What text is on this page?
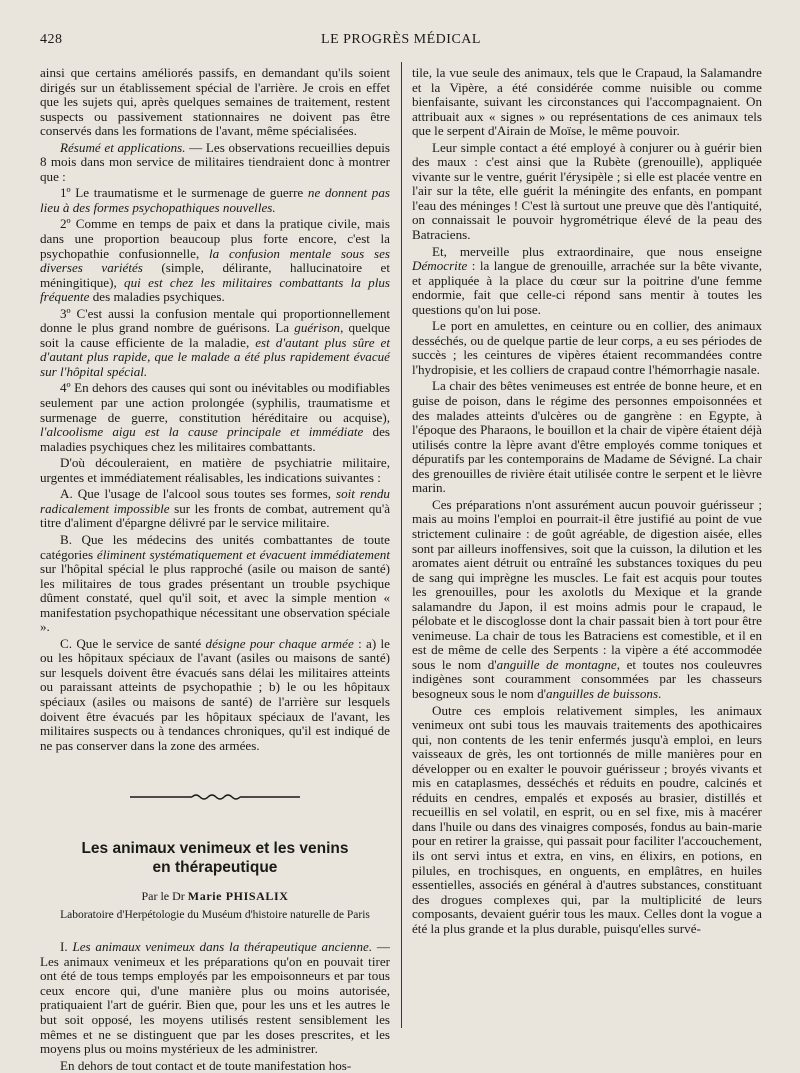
428	LE PROGRÈS MÉDICAL

ainsi que certains améliorés passifs, en demandant qu'ils soient dirigés sur un établissement spécial de l'arrière. Je crois en effet que les sujets qui, après quelques semaines de traitement, restent suspects ou passivement stationnaires ne doivent pas être conservés dans les formations de l'avant, même spécialisées.

Résumé et applications. — Les observations recueillies depuis 8 mois dans mon service de militaires tiendraient donc à montrer que :

1º Le traumatisme et le surmenage de guerre ne donnent pas lieu à des formes psychopathiques nouvelles.

2º Comme en temps de paix et dans la pratique civile, mais dans une proportion beaucoup plus forte encore, c'est la psychopathie confusionnelle, la confusion mentale sous ses diverses variétés (simple, délirante, hallucinatoire et méningitique), qui est chez les militaires combattants la plus fréquente des maladies psychiques.

3º C'est aussi la confusion mentale qui proportionnellement donne le plus grand nombre de guérisons. La guérison, quelque soit la cause efficiente de la maladie, est d'autant plus sûre et d'autant plus rapide, que le malade a été plus rapidement évacué sur l'hôpital spécial.

4º En dehors des causes qui sont ou inévitables ou modifiables seulement par une action prolongée (syphilis, traumatisme et surmenage de guerre, constitution héréditaire ou acquise), l'alcoolisme aigu est la cause principale et immédiate des maladies psychiques chez les militaires combattants.

D'où découleraient, en matière de psychiatrie militaire, urgentes et immédiatement réalisables, les indications suivantes :

A. Que l'usage de l'alcool sous toutes ses formes, soit rendu radicalement impossible sur les fronts de combat, autrement qu'à titre d'aliment d'épargne délivré par le service militaire.

B. Que les médecins des unités combattantes de toute catégories éliminent systématiquement et évacuent immédiatement sur l'hôpital spécial le plus rapproché (asile ou maison de santé) les militaires de tous grades présentant un trouble psychique dûment constaté, quel qu'il soit, et avec la simple mention « manifestation psychopathique nécessitant une observation spéciale ».

C. Que le service de santé désigne pour chaque armée : a) le ou les hôpitaux spéciaux de l'avant (asiles ou maisons de santé) sur lesquels doivent être évacués sans délai les militaires atteints ou paraissant atteints de psychopathie ; b) le ou les hôpitaux spéciaux (asiles ou maisons de santé) de l'arrière sur lesquels doivent être évacués par les hôpitaux spéciaux de l'avant, les militaires suspects ou à tendances chroniques, qu'il est indiqué de ne pas conserver dans la zone des armées.

Les animaux venimeux et les venins
en thérapeutique
Par le Dr Marie PHISALIX
Laboratoire d'Herpétologie du Muséum d'histoire naturelle de Paris

I. Les animaux venimeux dans la thérapeutique ancienne. — Les animaux venimeux et les préparations qu'on en pouvait tirer ont été de tous temps employés par les empoisonneurs et par tous ceux encore qui, d'une manière plus ou moins autorisée, pratiquaient l'art de guérir. Bien que, pour les uns et les autres le but soit opposé, les moyens utilisés restent sensiblement les mêmes et ne se distinguent que par les doses prescrites, et les moyens plus ou moins mystérieux de les administrer.

En dehors de tout contact et de toute manifestation hos-

tile, la vue seule des animaux, tels que le Crapaud, la Salamandre et la Vipère, a été considérée comme nuisible ou comme bienfaisante, suivant les circonstances qui l'accompagnaient. On attribuait aux « signes » ou représentations de ces animaux tels que le serpent d'Airain de Moïse, le même pouvoir.

Leur simple contact a été employé à conjurer ou à guérir bien des maux : c'est ainsi que la Rubète (grenouille), appliquée vivante sur le ventre, guérit l'érysipèle ; si elle est placée ventre en l'air sur la tête, elle guérit la méningite des enfants, en pompant l'eau des méninges ! C'est là surtout une preuve que dès l'antiquité, on connaissait le pouvoir hygrométrique élevé de la peau des Batraciens.

Et, merveille plus extraordinaire, que nous enseigne Démocrite : la langue de grenouille, arrachée sur la bête vivante, et appliquée à la place du cœur sur la poitrine d'une femme endormie, fait que celle-ci répond sans mentir à toutes les questions qu'on lui pose.

Le port en amulettes, en ceinture ou en collier, des animaux desséchés, ou de quelque partie de leur corps, a eu ses périodes de succès ; les ceintures de vipères étaient recommandées contre l'hydropisie, et les colliers de crapaud contre l'hémorrhagie nasale.

La chair des bêtes venimeuses est entrée de bonne heure, et en guise de poison, dans le régime des personnes empoisonnées et des malades atteints d'ulcères ou de gangrène : en Egypte, à l'époque des Pharaons, le bouillon et la chair de vipère étaient déjà utilisés contre la lèpre avant d'être employés comme toniques et dépuratifs par les contemporains de Madame de Sévigné. La chair des grenouilles de rivière était utilisée contre le serpent et le lièvre marin.

Ces préparations n'ont assurément aucun pouvoir guérisseur ; mais au moins l'emploi en pourrait-il être justifié au point de vue strictement culinaire : de goût agréable, de digestion aisée, elles sont par ailleurs inoffensives, soit que la cuisson, la dilution et les aromates aient détruit ou entraîné les substances toxiques du peu de sang qui imprègne les muscles. Le fait est acquis pour toutes les grenouilles, pour les axolotls du Mexique et la grande salamandre du Japon, il est moins admis pour le crapaud, le pélobate et le discoglosse dont la chair passait bien à tort pour être venimeuse. La chair de tous les Batraciens est comestible, et il en est de même de celle des Serpents : la vipère a été accommodée sous le nom d'anguille de montagne, et toutes nos couleuvres indigènes sont couramment consommées par les chasseurs besogneux sous le nom d'anguilles de buissons.

Outre ces emplois relativement simples, les animaux venimeux ont subi tous les mauvais traitements des apothicaires qui, non contents de les tenir enfermés jusqu'à emploi, en leurs vaisseaux de grès, les ont tortionnés de mille manières pour en développer ou en exalter le pouvoir guérisseur ; broyés vivants et mis en cataplasmes, desséchés et réduits en poudre, calcinés et réduits en cendres, empalés et exposés au brasier, distillés et recueillis en sel volatil, en esprit, ou en sel fixe, mis à macérer dans l'huile ou dans des vinaigres composés, fondus au bain-marie pour en retirer la graisse, qui passait pour faciliter l'accouchement, ils ont servi intus et extra, en vins, en élixirs, en potions, en pilules, en trochisques, en onguents, en emplâtres, en huiles essentielles, associés en général à d'autres substances, constituant des drogues complexes qui, par la multiplicité de leurs composants, devaient guérir tous les maux. Celles dont la vogue a été la plus grande et la plus durable, puisqu'elles survé-
